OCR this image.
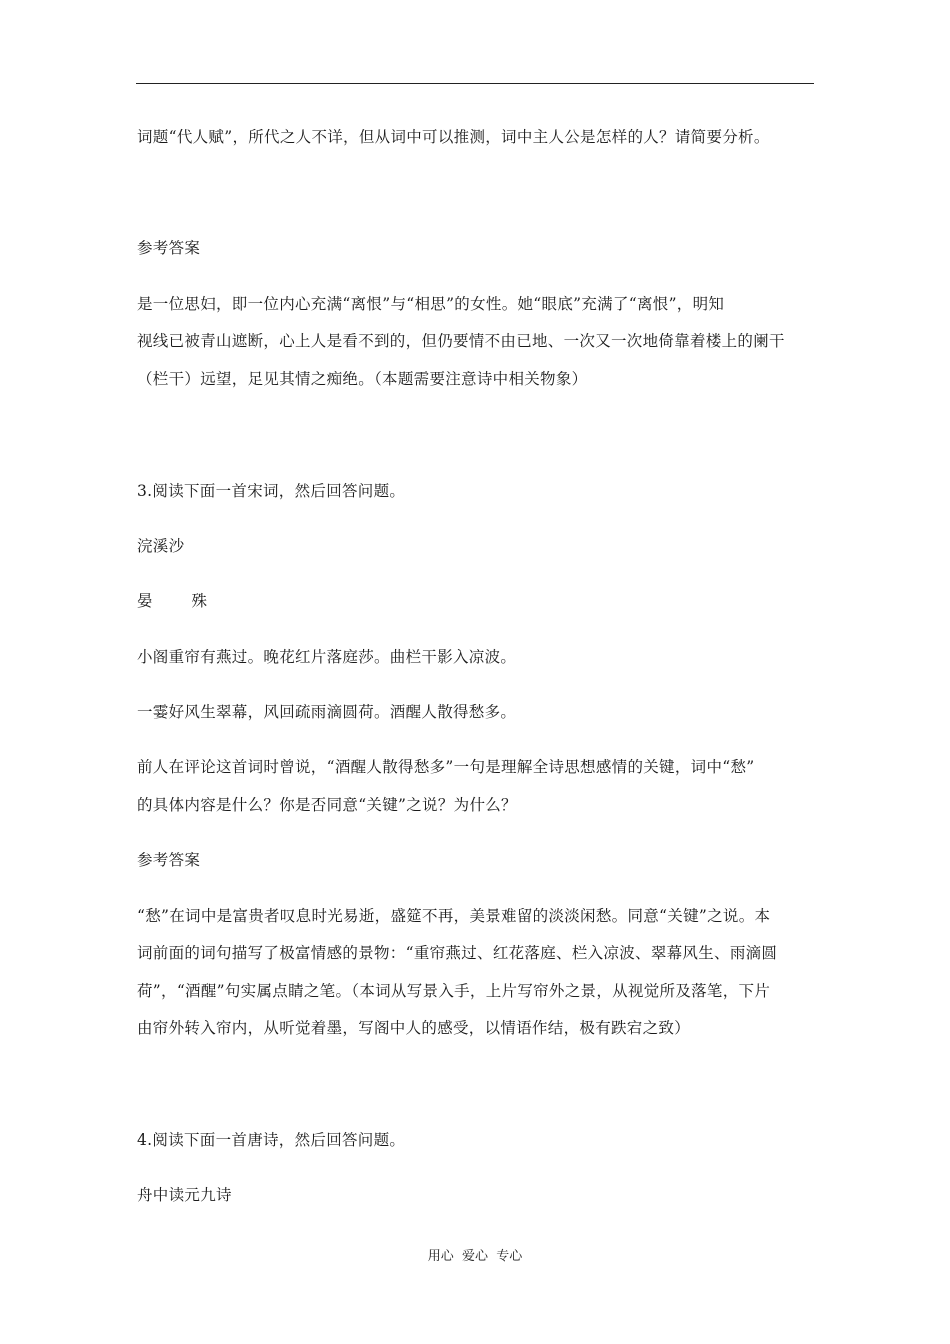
词题“代人赋”，所代之人不详，但从词中可以推测，词中主人公是怎样的人？请简要分析。
参考答案
是一位思妇，即一位内心充满“离恨”与“相思”的女性。她“眼底”充满了“离恨”，明知
视线已被青山遮断，心上人是看不到的，但仍要情不由已地、一次又一次地倚靠着楼上的阑干
（栏干）远望，足见其情之痴绝。（本题需要注意诗中相关物象）
3.阅读下面一首宋词，然后回答问题。
浣溪沙
晏	殊
小阁重帘有燕过。晚花红片落庭莎。曲栏干影入凉波。
一霎好风生翠幕，风回疏雨滴圆荷。酒醒人散得愁多。
前人在评论这首词时曾说，“酒醒人散得愁多”一句是理解全诗思想感情的关键，词中“愁”
的具体内容是什么？你是否同意“关键”之说？为什么？
参考答案
“愁”在词中是富贵者叹息时光易逝，盛筵不再，美景难留的淡淡闲愁。同意“关键”之说。本
词前面的词句描写了极富情感的景物：“重帘燕过、红花落庭、栏入凉波、翠幕风生、雨滴圆
荷”，“酒醒”句实属点睛之笔。（本词从写景入手，上片写帘外之景，从视觉所及落笔，下片
由帘外转入帘内，从听觉着墨，写阁中人的感受，以情语作结，极有跌宕之致）
4.阅读下面一首唐诗，然后回答问题。
舟中读元九诗
用心  爱心  专心
